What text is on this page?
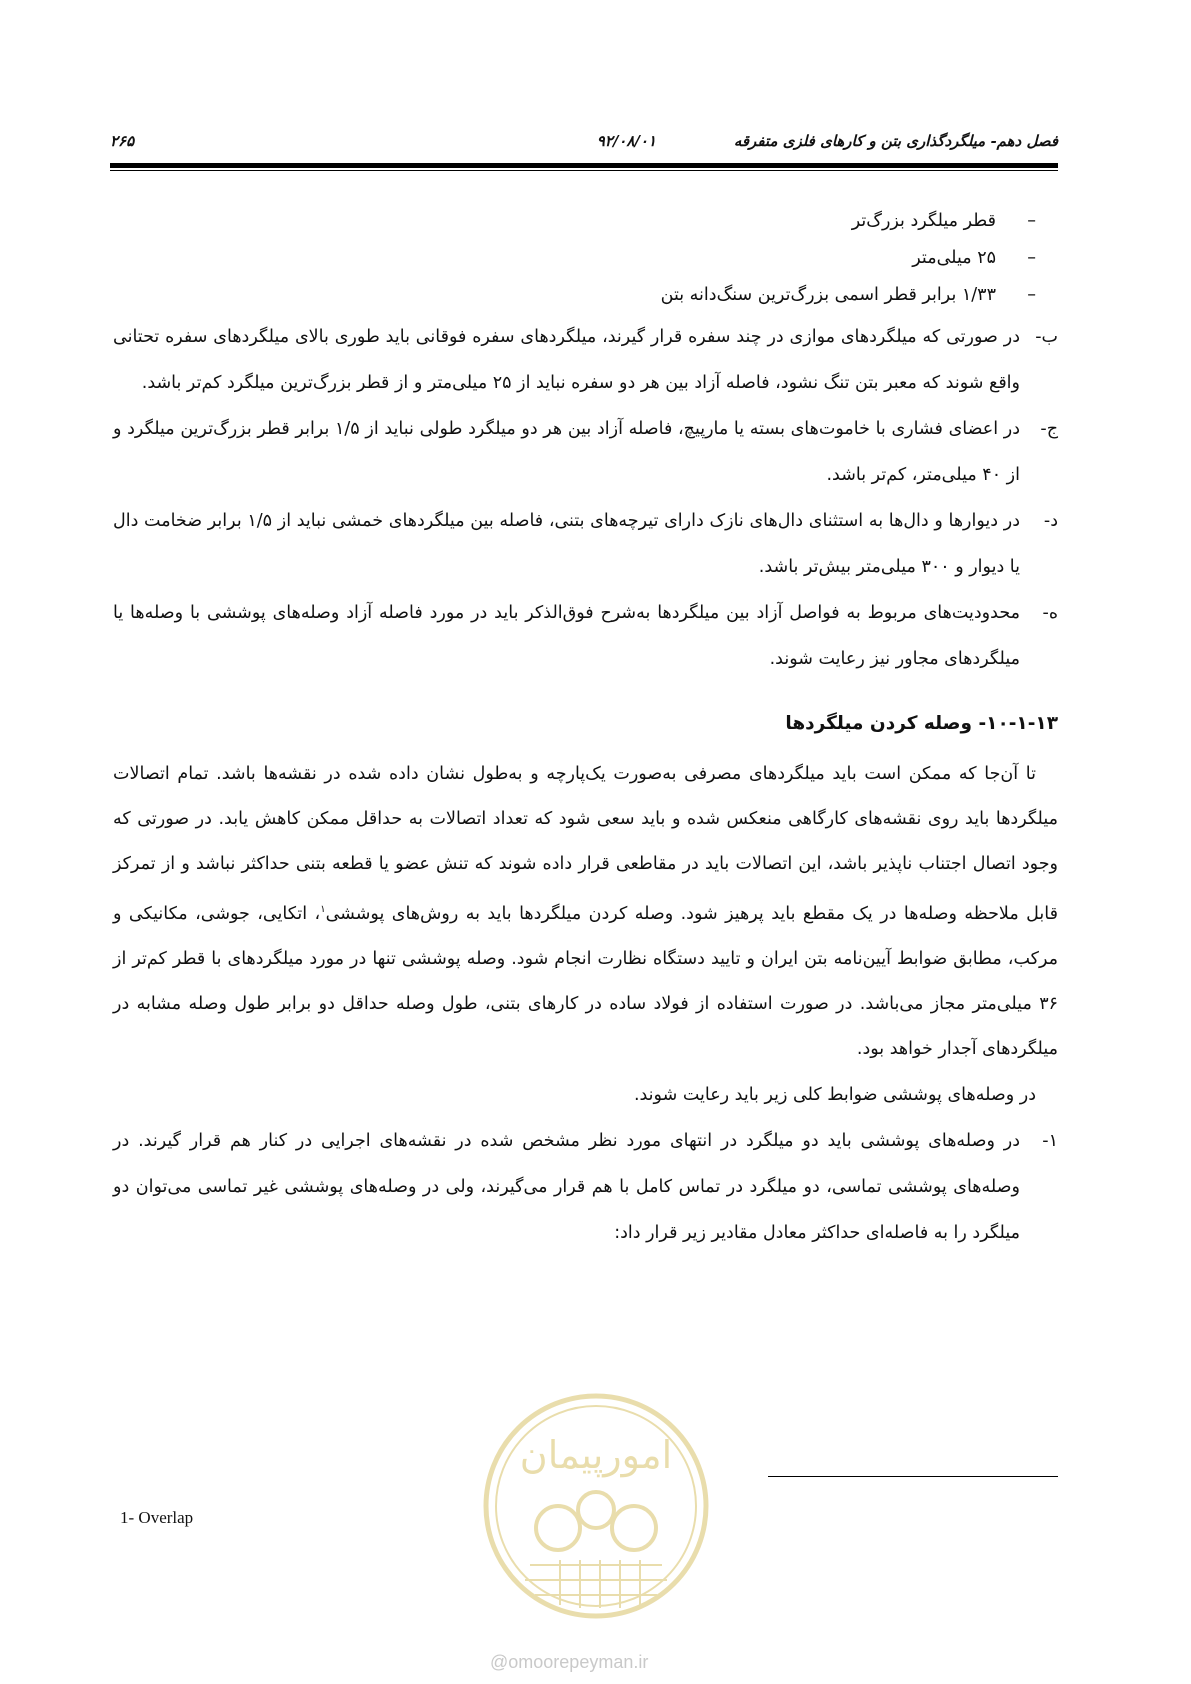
فصل دهم- میلگردگذاری بتن و کارهای فلزی متفرقه
۹۲/۰۸/۰۱
۲۶۵
–قطر میلگرد بزرگ‌تر
–۲۵ میلی‌متر
–۱/۳۳ برابر قطر اسمی بزرگ‌ترین سنگ‌دانه بتن
ب-
در صورتی که میلگردهای موازی در چند سفره قرار گیرند، میلگردهای سفره فوقانی باید طوری بالای میلگردهای سفره تحتانی واقع شوند که معبر بتن تنگ نشود، فاصله آزاد بین هر دو سفره نباید از ۲۵ میلی‌متر و از قطر بزرگ‌ترین میلگرد کم‌تر باشد.
ج-
در اعضای فشاری با خاموت‌های بسته یا مارپیچ، فاصله آزاد بین هر دو میلگرد طولی نباید از ۱/۵ برابر قطر بزرگ‌ترین میلگرد و از ۴۰ میلی‌متر، کم‌تر باشد.
د-
در دیوارها و دال‌ها به استثنای دال‌های نازک دارای تیرچه‌های بتنی، فاصله بین میلگردهای خمشی نباید از ۱/۵ برابر ضخامت دال یا دیوار و ۳۰۰ میلی‌متر بیش‌تر باشد.
ه-
محدودیت‌های مربوط به فواصل آزاد بین میلگردها به‌شرح فوق‌الذکر باید در مورد فاصله آزاد وصله‌های پوششی با وصله‌ها یا میلگردهای مجاور نیز رعایت شوند.
۱۰-۱-۱۳- وصله کردن میلگردها
تا آن‌جا که ممکن است باید میلگردهای مصرفی به‌صورت یک‌پارچه و به‌طول نشان داده شده در نقشه‌ها باشد. تمام اتصالات میلگردها باید روی نقشه‌های کارگاهی منعکس شده و باید سعی شود که تعداد اتصالات به حداقل ممکن کاهش یابد. در صورتی که وجود اتصال اجتناب ناپذیر باشد، این اتصالات باید در مقاطعی قرار داده شوند که تنش عضو یا قطعه بتنی حداکثر نباشد و از تمرکز قابل ملاحظه وصله‌ها در یک مقطع باید پرهیز شود. وصله کردن میلگردها باید به روش‌های پوششی$^۱$، اتکایی، جوشی، مکانیکی و مرکب، مطابق ضوابط آیین‌نامه بتن ایران و تایید دستگاه نظارت انجام شود. وصله پوششی تنها در مورد میلگردهای با قطر کم‌تر از ۳۶ میلی‌متر مجاز می‌باشد. در صورت استفاده از فولاد ساده در کارهای بتنی، طول وصله حداقل دو برابر طول وصله مشابه در میلگردهای آجدار خواهد بود.
در وصله‌های پوششی ضوابط کلی زیر باید رعایت شوند.
۱-
در وصله‌های پوششی باید دو میلگرد در انتهای مورد نظر مشخص شده در نقشه‌های اجرایی در کنار هم قرار گیرند. در وصله‌های پوششی تماسی، دو میلگرد در تماس کامل با هم قرار می‌گیرند، ولی در وصله‌های پوششی غیر تماسی می‌توان دو میلگرد را به فاصله‌ای حداکثر معادل مقادیر زیر قرار داد:
1- Overlap
امورپیمان
@omoorepeyman.ir
